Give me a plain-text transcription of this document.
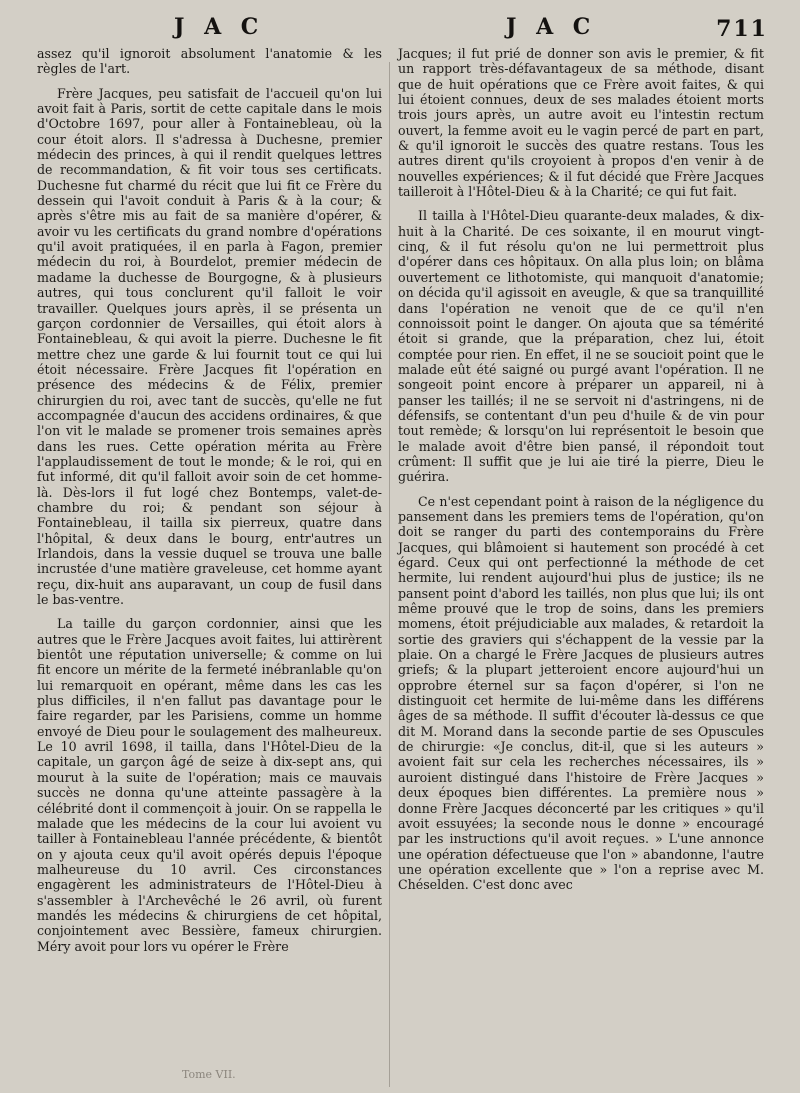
J A C	J A C	711

assez qu'il ignoroit absolument l'anatomie & les règles de l'art.

Frère Jacques, peu satisfait de l'accueil qu'on lui avoit fait à Paris, sortit de cette capitale dans le mois d'Octobre 1697, pour aller à Fontainebleau, où la cour étoit alors. Il s'adressa à Duchesne, premier médecin des princes, à qui il rendit quelques lettres de recommandation, & fit voir tous ses certificats. Duchesne fut charmé du récit que lui fit ce Frère du dessein qui l'avoit conduit à Paris & à la cour; & après s'être mis au fait de sa manière d'opérer, & avoir vu les certificats du grand nombre d'opérations qu'il avoit pratiquées, il en parla à Fagon, premier médecin du roi, à Bourdelot, premier médecin de madame la duchesse de Bourgogne, & à plusieurs autres, qui tous conclurent qu'il falloit le voir travailler. Quelques jours après, il se présenta un garçon cordonnier de Versailles, qui étoit alors à Fontainebleau, & qui avoit la pierre. Duchesne le fit mettre chez une garde & lui fournit tout ce qui lui étoit nécessaire. Frère Jacques fit l'opération en présence des médecins & de Félix, premier chirurgien du roi, avec tant de succès, qu'elle ne fut accompagnée d'aucun des accidens ordinaires, & que l'on vit le malade se promener trois semaines après dans les rues. Cette opération mérita au Frère l'applaudissement de tout le monde; & le roi, qui en fut informé, dit qu'il falloit avoir soin de cet homme-là. Dès-lors il fut logé chez Bontemps, valet-de-chambre du roi; & pendant son séjour à Fontainebleau, il tailla six pierreux, quatre dans l'hôpital, & deux dans le bourg, entr'autres un Irlandois, dans la vessie duquel se trouva une balle incrustée d'une matière graveleuse, cet homme ayant reçu, dix-huit ans auparavant, un coup de fusil dans le bas-ventre.

La taille du garçon cordonnier, ainsi que les autres que le Frère Jacques avoit faites, lui attirèrent bientôt une réputation universelle; & comme on lui fit encore un mérite de la fermeté inébranlable qu'on lui remarquoit en opérant, même dans les cas les plus difficiles, il n'en fallut pas davantage pour le faire regarder, par les Parisiens, comme un homme envoyé de Dieu pour le soulagement des malheureux. Le 10 avril 1698, il tailla, dans l'Hôtel-Dieu de la capitale, un garçon âgé de seize à dix-sept ans, qui mourut à la suite de l'opération; mais ce mauvais succès ne donna qu'une atteinte passagère à la célébrité dont il commençoit à jouir. On se rappella le malade que les médecins de la cour lui avoient vu tailler à Fontainebleau l'année précédente, & bientôt on y ajouta ceux qu'il avoit opérés depuis l'époque malheureuse du 10 avril. Ces circonstances engagèrent les administrateurs de l'Hôtel-Dieu à s'assembler à l'Archevêché le 26 avril, où furent mandés les médecins & chirurgiens de cet hôpital, conjointement avec Bessière, fameux chirurgien. Méry avoit pour lors vu opérer le Frère

Jacques; il fut prié de donner son avis le premier, & fit un rapport très-défavantageux de sa méthode, disant que de huit opérations que ce Frère avoit faites, & qui lui étoient connues, deux de ses malades étoient morts trois jours après, un autre avoit eu l'intestin rectum ouvert, la femme avoit eu le vagin percé de part en part, & qu'il ignoroit le succès des quatre restans. Tous les autres dirent qu'ils croyoient à propos d'en venir à de nouvelles expériences; & il fut décidé que Frère Jacques tailleroit à l'Hôtel-Dieu & à la Charité; ce qui fut fait.

Il tailla à l'Hôtel-Dieu quarante-deux malades, & dix-huit à la Charité. De ces soixante, il en mourut vingt-cinq, & il fut résolu qu'on ne lui permettroit plus d'opérer dans ces hôpitaux. On alla plus loin; on blâma ouvertement ce lithotomiste, qui manquoit d'anatomie; on décida qu'il agissoit en aveugle, & que sa tranquillité dans l'opération ne venoit que de ce qu'il n'en connoissoit point le danger. On ajouta que sa témérité étoit si grande, que la préparation, chez lui, étoit comptée pour rien. En effet, il ne se soucioit point que le malade eût été saigné ou purgé avant l'opération. Il ne songeoit point encore à préparer un appareil, ni à panser les taillés; il ne se servoit ni d'astringens, ni de défensifs, se contentant d'un peu d'huile & de vin pour tout remède; & lorsqu'on lui représentoit le besoin que le malade avoit d'être bien pansé, il répondoit tout crûment: Il suffit que je lui aie tiré la pierre, Dieu le guérira.

Ce n'est cependant point à raison de la négligence du pansement dans les premiers tems de l'opération, qu'on doit se ranger du parti des contemporains du Frère Jacques, qui blâmoient si hautement son procédé à cet égard. Ceux qui ont perfectionné la méthode de cet hermite, lui rendent aujourd'hui plus de justice; ils ne pansent point d'abord les taillés, non plus que lui; ils ont même prouvé que le trop de soins, dans les premiers momens, étoit préjudiciable aux malades, & retardoit la sortie des graviers qui s'échappent de la vessie par la plaie. On a chargé le Frère Jacques de plusieurs autres griefs; & la plupart jetteroient encore aujourd'hui un opprobre éternel sur sa façon d'opérer, si l'on ne distinguoit cet hermite de lui-même dans les différens âges de sa méthode. Il suffit d'écouter là-dessus ce que dit M. Morand dans la seconde partie de ses Opuscules de chirurgie: «Je conclus, dit-il, que si les auteurs » avoient fait sur cela les recherches nécessaires, ils » auroient distingué dans l'histoire de Frère Jacques » deux époques bien différentes. La première nous » donne Frère Jacques déconcerté par les critiques » qu'il avoit essuyées; la seconde nous le donne » encouragé par les instructions qu'il avoit reçues. » L'une annonce une opération défectueuse que l'on » abandonne, l'autre une opération excellente que » l'on a reprise avec M. Chéselden. C'est donc avec

Tome VII.
